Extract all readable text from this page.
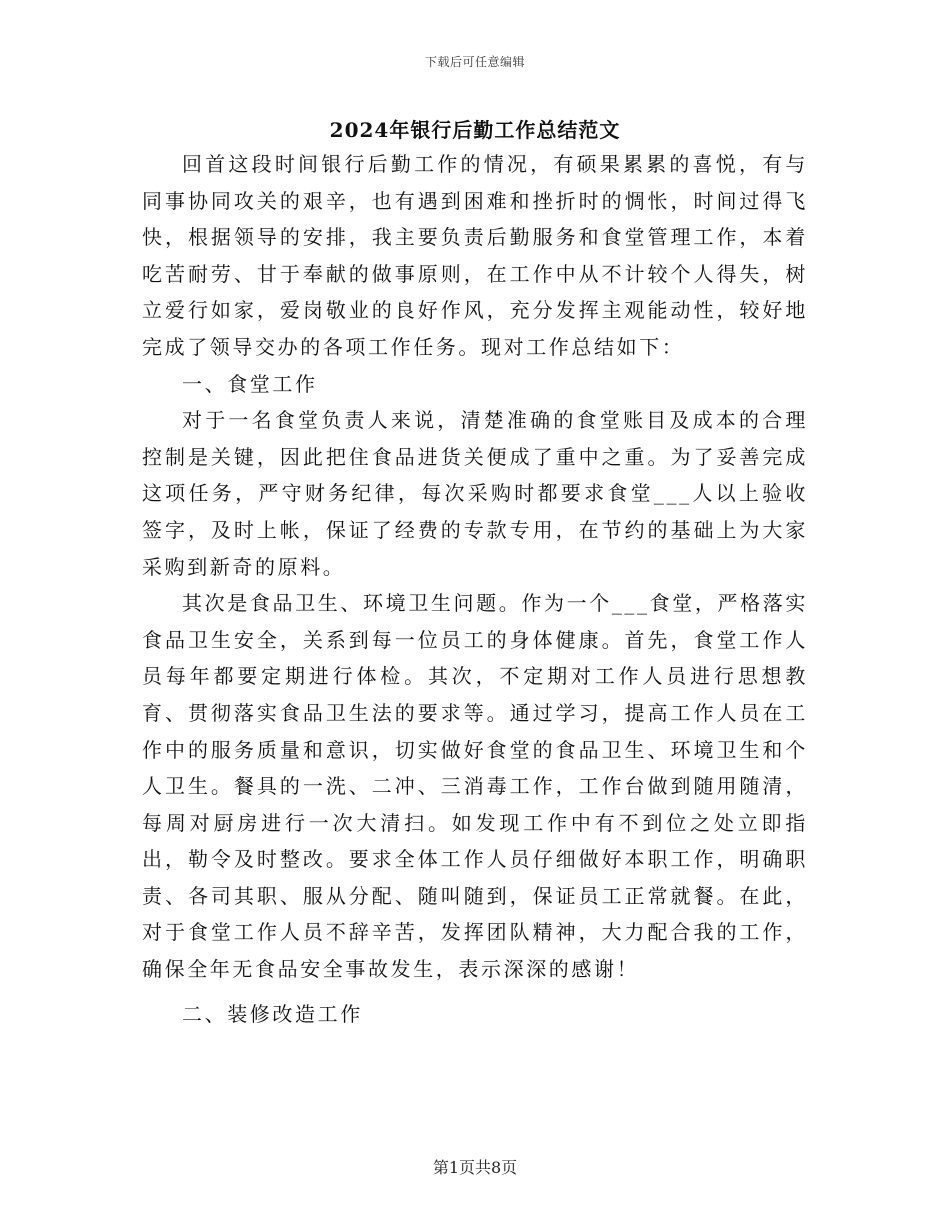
下载后可任意编辑
2024年银行后勤工作总结范文

回首这段时间银行后勤工作的情况，有硕果累累的喜悦，有与同事协同攻关的艰辛，也有遇到困难和挫折时的惆怅，时间过得飞快，根据领导的安排，我主要负责后勤服务和食堂管理工作，本着吃苦耐劳、甘于奉献的做事原则，在工作中从不计较个人得失，树立爱行如家，爱岗敬业的良好作风，充分发挥主观能动性，较好地完成了领导交办的各项工作任务。现对工作总结如下：

一、食堂工作

对于一名食堂负责人来说，清楚准确的食堂账目及成本的合理控制是关键，因此把住食品进货关便成了重中之重。为了妥善完成这项任务，严守财务纪律，每次采购时都要求食堂___人以上验收签字，及时上帐，保证了经费的专款专用，在节约的基础上为大家采购到新奇的原料。

其次是食品卫生、环境卫生问题。作为一个___食堂，严格落实食品卫生安全，关系到每一位员工的身体健康。首先，食堂工作人员每年都要定期进行体检。其次，不定期对工作人员进行思想教育、贯彻落实食品卫生法的要求等。通过学习，提高工作人员在工作中的服务质量和意识，切实做好食堂的食品卫生、环境卫生和个人卫生。餐具的一洗、二冲、三消毒工作，工作台做到随用随清，每周对厨房进行一次大清扫。如发现工作中有不到位之处立即指出，勒令及时整改。要求全体工作人员仔细做好本职工作，明确职责、各司其职、服从分配、随叫随到，保证员工正常就餐。在此，对于食堂工作人员不辞辛苦，发挥团队精神，大力配合我的工作，确保全年无食品安全事故发生，表示深深的感谢！

二、装修改造工作

第1页共8页
